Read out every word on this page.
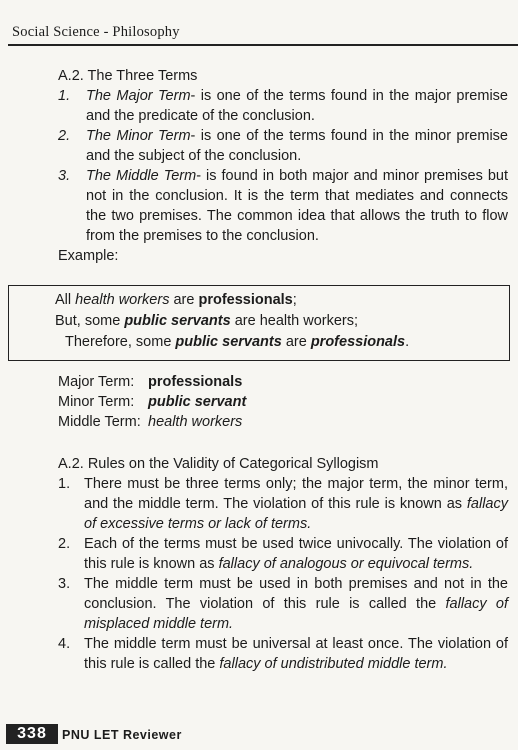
Social Science - Philosophy
A.2. The Three Terms
1. The Major Term- is one of the terms found in the major premise and the predicate of the conclusion.
2. The Minor Term- is one of the terms found in the minor premise and the subject of the conclusion.
3. The Middle Term- is found in both major and minor premises but not in the conclusion. It is the term that mediates and connects the two premises. The common idea that allows the truth to flow from the premises to the conclusion.
Example:
All health workers are professionals;
But, some public servants are health workers;
Therefore, some public servants are professionals.
Major Term: professionals
Minor Term: public servant
Middle Term: health workers
A.2. Rules on the Validity of Categorical Syllogism
1. There must be three terms only; the major term, the minor term, and the middle term. The violation of this rule is known as fallacy of excessive terms or lack of terms.
2. Each of the terms must be used twice univocally. The violation of this rule is known as fallacy of analogous or equivocal terms.
3. The middle term must be used in both premises and not in the conclusion. The violation of this rule is called the fallacy of misplaced middle term.
4. The middle term must be universal at least once. The violation of this rule is called the fallacy of undistributed middle term.
338	PNU LET Reviewer
